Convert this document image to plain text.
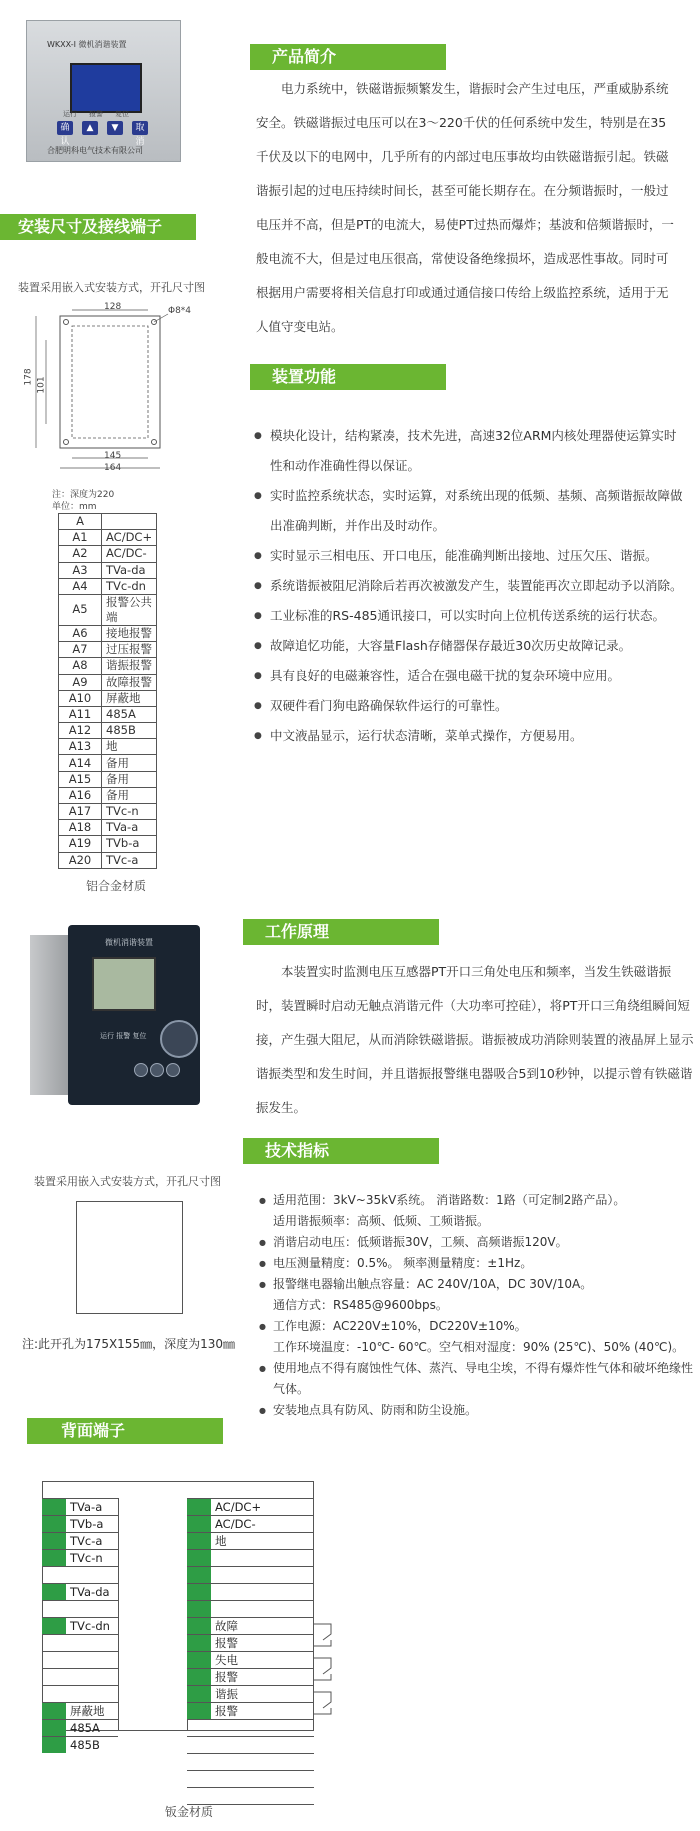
WKXX-Ⅰ 微机消谐装置
运行 报警 复位
确认
▲	▼	取消
合肥明科电气技术有限公司
产品简介

电力系统中，铁磁谐振频繁发生，谐振时会产生过电压，严重威胁系统安全。铁磁谐振过电压可以在3～220千伏的任何系统中发生，特别是在35千伏及以下的电网中，几乎所有的内部过电压事故均由铁磁谐振引起。铁磁谐振引起的过电压持续时间长，甚至可能长期存在。在分频谐振时，一般过电压并不高，但是PT的电流大，易使PT过热而爆炸；基波和倍频谐振时，一般电流不大，但是过电压很高，常使设备绝缘损坏，造成恶性事故。同时可根据用户需要将相关信息打印或通过通信接口传给上级监控系统，适用于无人值守变电站。

安装尺寸及接线端子
装置采用嵌入式安装方式，开孔尺寸图
128	Φ8*4
178 101
145
164
注：深度为220
单位：mm
A	
A1	AC/DC+
A2	AC/DC-
A3	TVa-da
A4	TVc-dn
A5	报警公共端
A6	接地报警
A7	过压报警
A8	谐振报警
A9	故障报警
A10	屏蔽地
A11	485A
A12	485B
A13	地
A14	备用
A15	备用
A16	备用
A17	TVc-n
A18	TVa-a
A19	TVb-a
A20	TVc-a
铝合金材质
装置功能
● 模块化设计，结构紧凑，技术先进，高速32位ARM内核处理器使运算实时性和动作准确性得以保证。
● 实时监控系统状态，实时运算，对系统出现的低频、基频、高频谐振故障做出准确判断，并作出及时动作。
● 实时显示三相电压、开口电压，能准确判断出接地、过压欠压、谐振。
● 系统谐振被阻尼消除后若再次被激发产生，装置能再次立即起动予以消除。
● 工业标准的RS-485通讯接口，可以实时向上位机传送系统的运行状态。
● 故障追忆功能，大容量Flash存储器保存最近30次历史故障记录。
● 具有良好的电磁兼容性，适合在强电磁干扰的复杂环境中应用。
● 双硬件看门狗电路确保软件运行的可靠性。
● 中文液晶显示，运行状态清晰，菜单式操作，方便易用。
微机消谐装置
运行 报警 复位
工作原理

本装置实时监测电压互感器PT开口三角处电压和频率，当发生铁磁谐振时，装置瞬时启动无触点消谐元件（大功率可控硅），将PT开口三角绕组瞬间短接，产生强大阻尼，从而消除铁磁谐振。谐振被成功消除则装置的液晶屏上显示谐振类型和发生时间，并且谐振报警继电器吸合5到10秒钟，以提示曾有铁磁谐振发生。

技术指标
装置采用嵌入式安装方式，开孔尺寸图
注:此开孔为175X155㎜，深度为130㎜
● 适用范围：3kV~35kV系统。 消谐路数：1路（可定制2路产品）。
适用谐振频率：高频、低频、工频谐振。
● 消谐启动电压：低频谐振30V，工频、高频谐振120V。
● 电压测量精度：0.5%。 频率测量精度：±1Hz。
● 报警继电器输出触点容量：AC 240V/10A，DC 30V/10A。
通信方式：RS485@9600bps。
● 工作电源：AC220V±10%，DC220V±10%。
工作环境温度：-10℃- 60℃。空气相对湿度：90% (25℃)、50% (40℃)。
● 使用地点不得有腐蚀性气体、蒸汽、导电尘埃，不得有爆炸性气体和破坏绝缘性气体。
● 安装地点具有防风、防雨和防尘设施。
背面端子
TVa-a
TVb-a
TVc-a
TVc-n
TVa-da
TVc-dn
屏蔽地
485A
485B
AC/DC+
AC/DC-
地
故障
报警
失电
报警
谐振
报警
钣金材质
